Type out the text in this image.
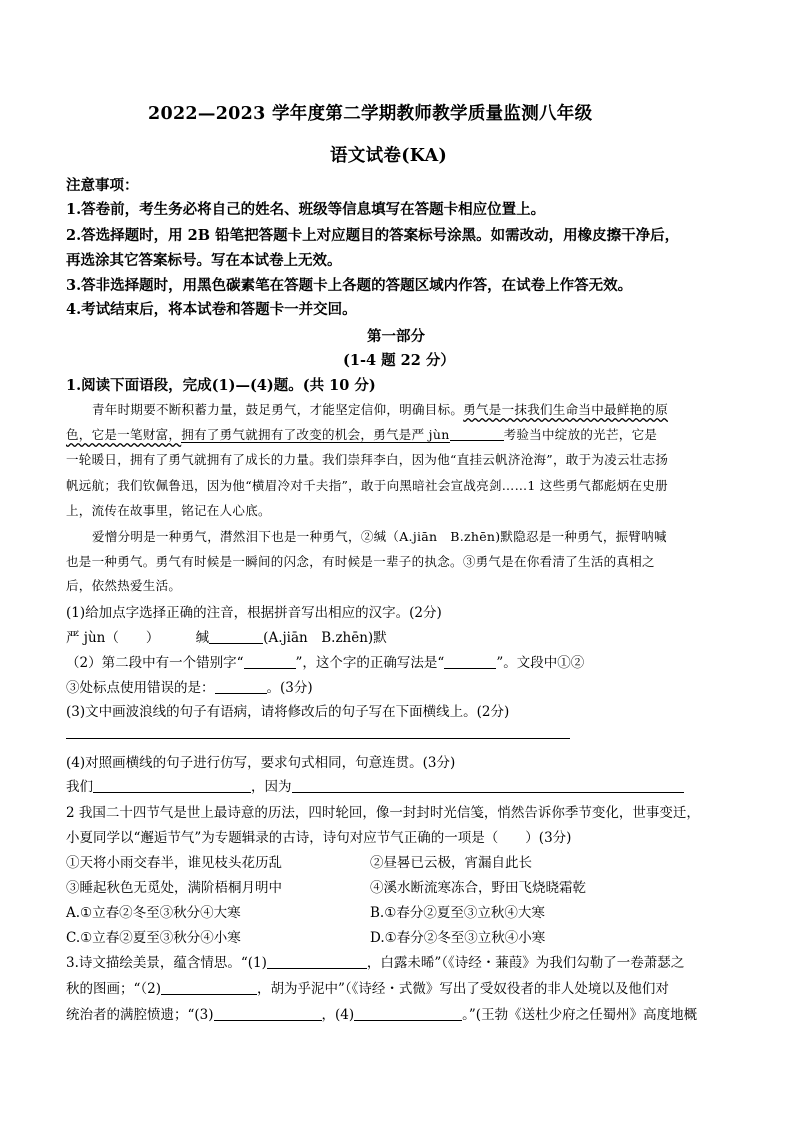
2022—2023 学年度第二学期教师教学质量监测八年级
语文试卷(KA)
注意事项：
1.答卷前，考生务必将自己的姓名、班级等信息填写在答题卡相应位置上。
2.答选择题时，用 2B 铅笔把答题卡上对应题目的答案标号涂黑。如需改动，用橡皮擦干净后，
再选涂其它答案标号。写在本试卷上无效。
3.答非选择题时，用黑色碳素笔在答题卡上各题的答题区域内作答，在试卷上作答无效。
4.考试结束后，将本试卷和答题卡一并交回。
第一部分
(1-4 题 22 分）
1.阅读下面语段，完成(1)—(4)题。(共 10 分)
青年时期要不断积蓄力量，鼓足勇气，才能坚定信仰，明确目标。勇气是一抹我们生命当中最鲜艳的原
色，它是一笔财富，拥有了勇气就拥有了改变的机会，勇气是严 jùn	考验当中绽放的光芒，它是
一轮暖日，拥有了勇气就拥有了成长的力量。我们崇拜李白，因为他“直挂云帆济沧海”，敢于为凌云壮志扬
帆远航；我们钦佩鲁迅，因为他“横眉冷对千夫指”，敢于向黑暗社会宣战亮剑……1 这些勇气都彪炳在史册
上，流传在故事里，铭记在人心底。
爱憎分明是一种勇气，潸然泪下也是一种勇气，②缄（A.jiān　B.zhēn)默隐忍是一种勇气，振臂呐喊
也是一种勇气。勇气有时候是一瞬间的闪念，有时候是一辈子的执念。③勇气是在你看清了生活的真相之
后，依然热爱生活。
(1)给加点字选择正确的注音，根据拼音写出相应的汉字。(2分)
严 jùn（　　）	缄	(A.jiān　B.zhēn)默
（2）第二段中有一个错别字“	”，这个字的正确写法是“	”。文段中①②
③处标点使用错误的是：	。(3分)
(3)文中画波浪线的句子有语病，请将修改后的句子写在下面横线上。(2分)
(4)对照画横线的句子进行仿写，要求句式相同，句意连贯。(3分)
我们	，因为
2 我国二十四节气是世上最诗意的历法，四时轮回，像一封封时光信笺，悄然告诉你季节变化，世事变迁，
小夏同学以“邂逅节气”为专题辑录的古诗，诗句对应节气正确的一项是（　　）(3分)
①天将小雨交春半，谁见枝头花历乱	②昼晷已云极，宵漏自此长
③睡起秋色无觅处，满阶梧桐月明中	④溪水断流寒冻合，野田飞烧晓霜乾
A.①立春②冬至③秋分④大寒	B.①春分②夏至③立秋④大寒
C.①立春②夏至③秋分④小寒	D.①春分②冬至③立秋④小寒
3.诗文描绘美景，蕴含情思。“(1)	，白露未晞”（《诗经・蒹葭》为我们勾勒了一卷萧瑟之
秋的图画；“（2)	，胡为乎泥中”（《诗经・式微》写出了受奴役者的非人处境以及他们对
统治者的满腔愤遗；“(3)	，(4)	。”(王勃《送杜少府之任蜀州》高度地概
